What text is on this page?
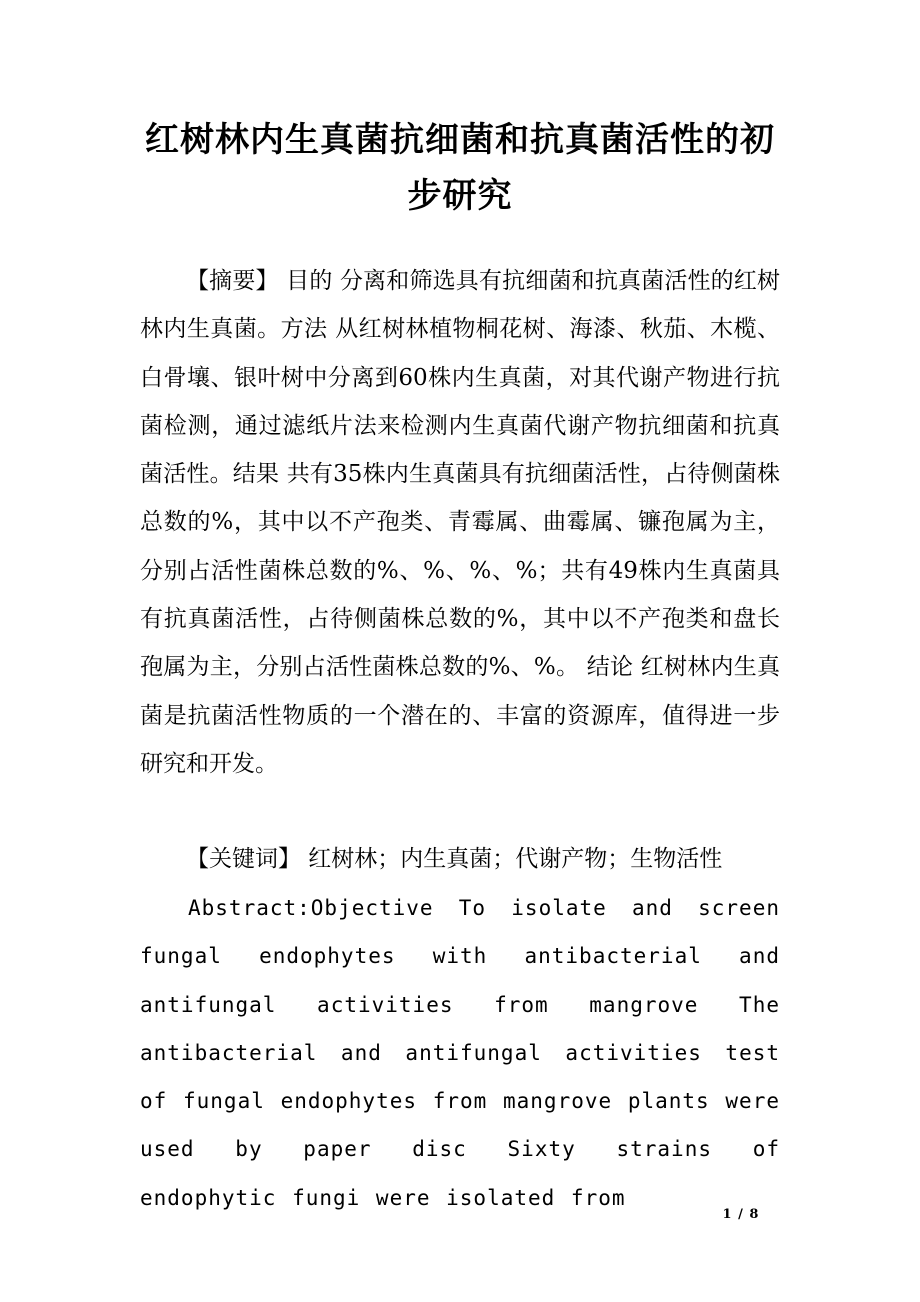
红树林内生真菌抗细菌和抗真菌活性的初步研究

【摘要】 目的 分离和筛选具有抗细菌和抗真菌活性的红树林内生真菌。方法 从红树林植物桐花树、海漆、秋茄、木榄、白骨壤、银叶树中分离到60株内生真菌，对其代谢产物进行抗菌检测，通过滤纸片法来检测内生真菌代谢产物抗细菌和抗真菌活性。结果 共有35株内生真菌具有抗细菌活性，占待侧菌株总数的%，其中以不产孢类、青霉属、曲霉属、镰孢属为主，分别占活性菌株总数的%、%、%、%；共有49株内生真菌具有抗真菌活性，占待侧菌株总数的%，其中以不产孢类和盘长孢属为主，分别占活性菌株总数的%、%。 结论 红树林内生真菌是抗菌活性物质的一个潜在的、丰富的资源库，值得进一步研究和开发。

【关键词】 红树林；内生真菌；代谢产物；生物活性

Abstract:Objective To isolate and screen fungal endophytes with antibacterial and antifungal activities from mangrove The antibacterial and antifungal activities test of fungal endophytes from mangrove plants were used by paper disc Sixty strains of endophytic fungi were isolated from

1 / 8
